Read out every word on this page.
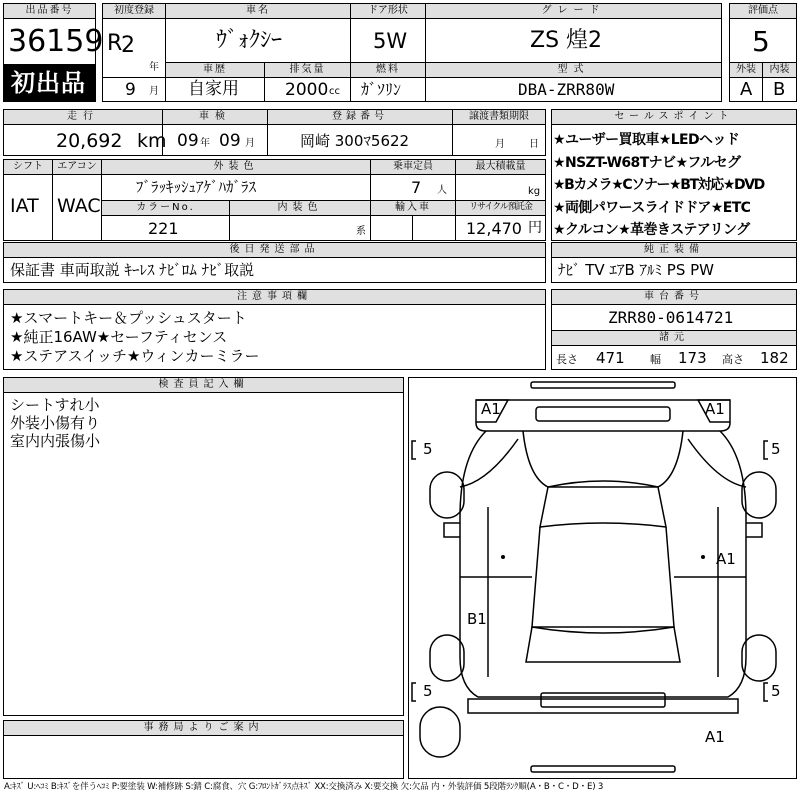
出品番号
36159
初出品
初度登録
R
2
年
9 月
車名
ｳﾞｫｸｼｰ
車歴
自家用
排気量
2000 cc
ドア形状
5W
燃料
ｶﾞｿﾘﾝ
グレード
ZS 煌2
型式
DBA-ZRR80W
評価点
5
外装	内装
A B
走行
20,692 km
車検
09 年 09 月
登録番号
岡崎 300ﾏ5622
譲渡書類期限
月 日
セールスポイント
★ユーザー買取車★LEDヘッド
★NSZT-W68Tナビ★フルセグ
★Bカメラ★Cソナー★BT対応★DVD
★両側パワースライドドア★ETC
★クルコン★革巻きステアリング
シフト
IAT
エアコン
WAC
外装色
ﾌﾞﾗｯｷｯｼｭｱｹﾞﾊｶﾞﾗｽ
乗車定員
7 人
最大積載量
kg
カラーNo.
221
内装色
系
輸入車	リサイクル預託金
12,470 円
後日発送部品
保証書 車両取説 ｷｰﾚｽ ﾅﾋﾞﾛﾑ ﾅﾋﾞ取説
純正装備
ﾅﾋﾞ TV ｴｱB ｱﾙﾐ PS PW
注意事項欄
★スマートキー＆プッシュスタート
★純正16AW★セーフティセンス
★ステアスイッチ★ウィンカーミラー
車台番号
ZRR80-0614721
諸元
長さ 471 幅 173 高さ 182
検査員記入欄
シートすれ小
外装小傷有り
室内内張傷小
事務局よりご案内
A1	A1
A1
B1
A1
5	5
5	5
A:ｷｽﾞ U:ﾍｺﾐ B:ｷｽﾞを伴うﾍｺﾐ P:要塗装 W:補修跡 S:錆 C:腐食、穴 G:ﾌﾛﾝﾄｶﾞﾗｽ点ｷｽﾞ XX:交換済み X:要交換 欠:欠品 内・外装評価 5段階ﾗﾝｸ順(A・B・C・D・E) 3
